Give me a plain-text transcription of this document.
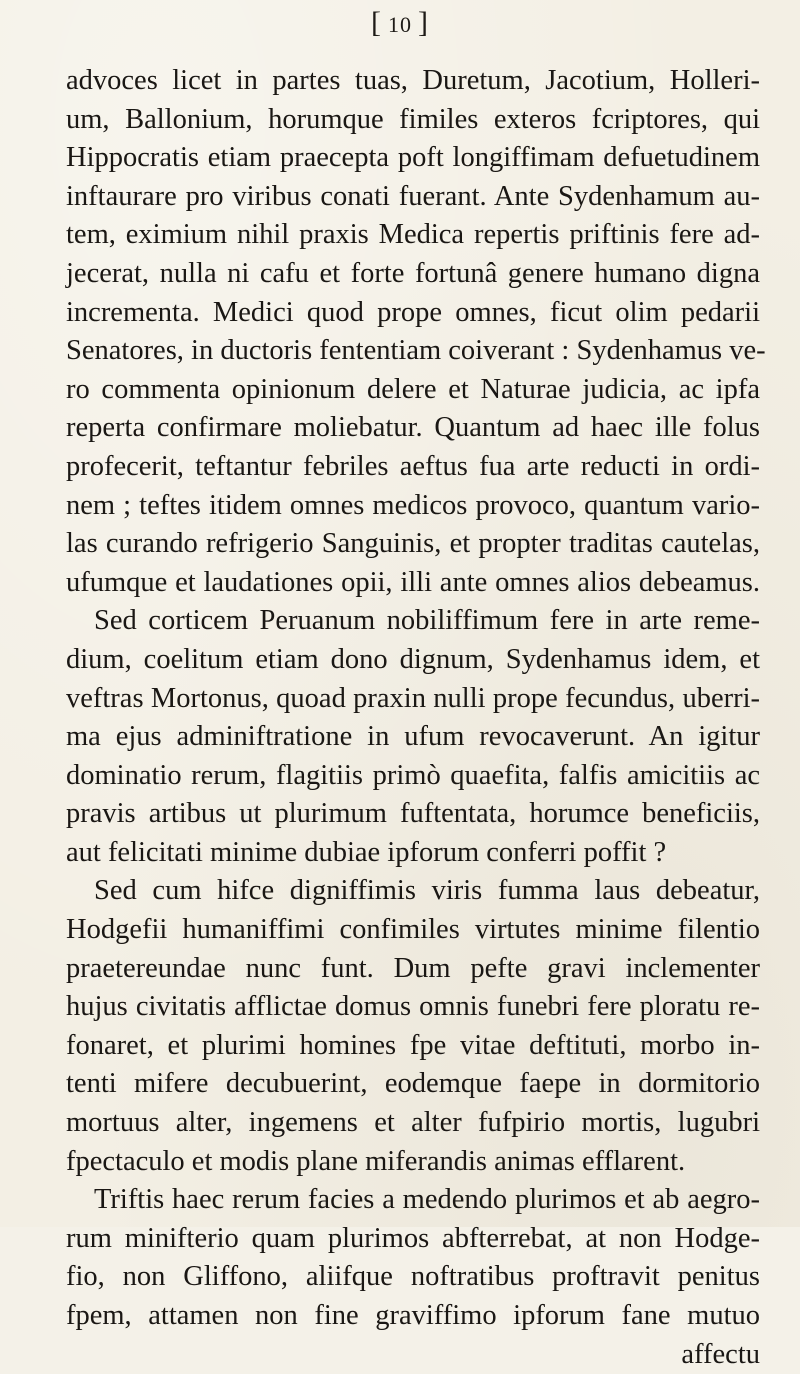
[ 10 ]
advoces licet in partes tuas, Duretum, Jacotium, Holleri-
um, Ballonium, horumque fimiles exteros fcriptores, qui
Hippocratis etiam praecepta poft longiffimam defuetudinem
inftaurare pro viribus conati fuerant. Ante Sydenhamum au-
tem, eximium nihil praxis Medica repertis priftinis fere ad-
jecerat, nulla ni cafu et forte fortunâ genere humano digna
incrementa. Medici quod prope omnes, ficut olim pedarii
Senatores, in ductoris fententiam coiverant : Sydenhamus ve-
ro commenta opinionum delere et Naturae judicia, ac ipfa
reperta confirmare moliebatur. Quantum ad haec ille folus
profecerit, teftantur febriles aeftus fua arte reducti in ordi-
nem ; teftes itidem omnes medicos provoco, quantum vario-
las curando refrigerio Sanguinis, et propter traditas cautelas,
ufumque et laudationes opii, illi ante omnes alios debeamus.
Sed corticem Peruanum nobiliffimum fere in arte reme-
dium, coelitum etiam dono dignum, Sydenhamus idem, et
veftras Mortonus, quoad praxin nulli prope fecundus, uberri-
ma ejus adminiftratione in ufum revocaverunt. An igitur
dominatio rerum, flagitiis primò quaefita, falfis amicitiis ac
pravis artibus ut plurimum fuftentata, horumce beneficiis,
aut felicitati minime dubiae ipforum conferri poffit ?
Sed cum hifce digniffimis viris fumma laus debeatur,
Hodgefii humaniffimi confimiles virtutes minime filentio
praetereundae nunc funt. Dum pefte gravi inclementer
hujus civitatis afflictae domus omnis funebri fere ploratu re-
fonaret, et plurimi homines fpe vitae deftituti, morbo in-
tenti mifere decubuerint, eodemque faepe in dormitorio
mortuus alter, ingemens et alter fufpirio mortis, lugubri
fpectaculo et modis plane miferandis animas efflarent.
Triftis haec rerum facies a medendo plurimos et ab aegro-
rum minifterio quam plurimos abfterrebat, at non Hodge-
fio, non Gliffono, aliifque noftratibus proftravit penitus
fpem, attamen non fine graviffimo ipforum fane mutuo
affectu
